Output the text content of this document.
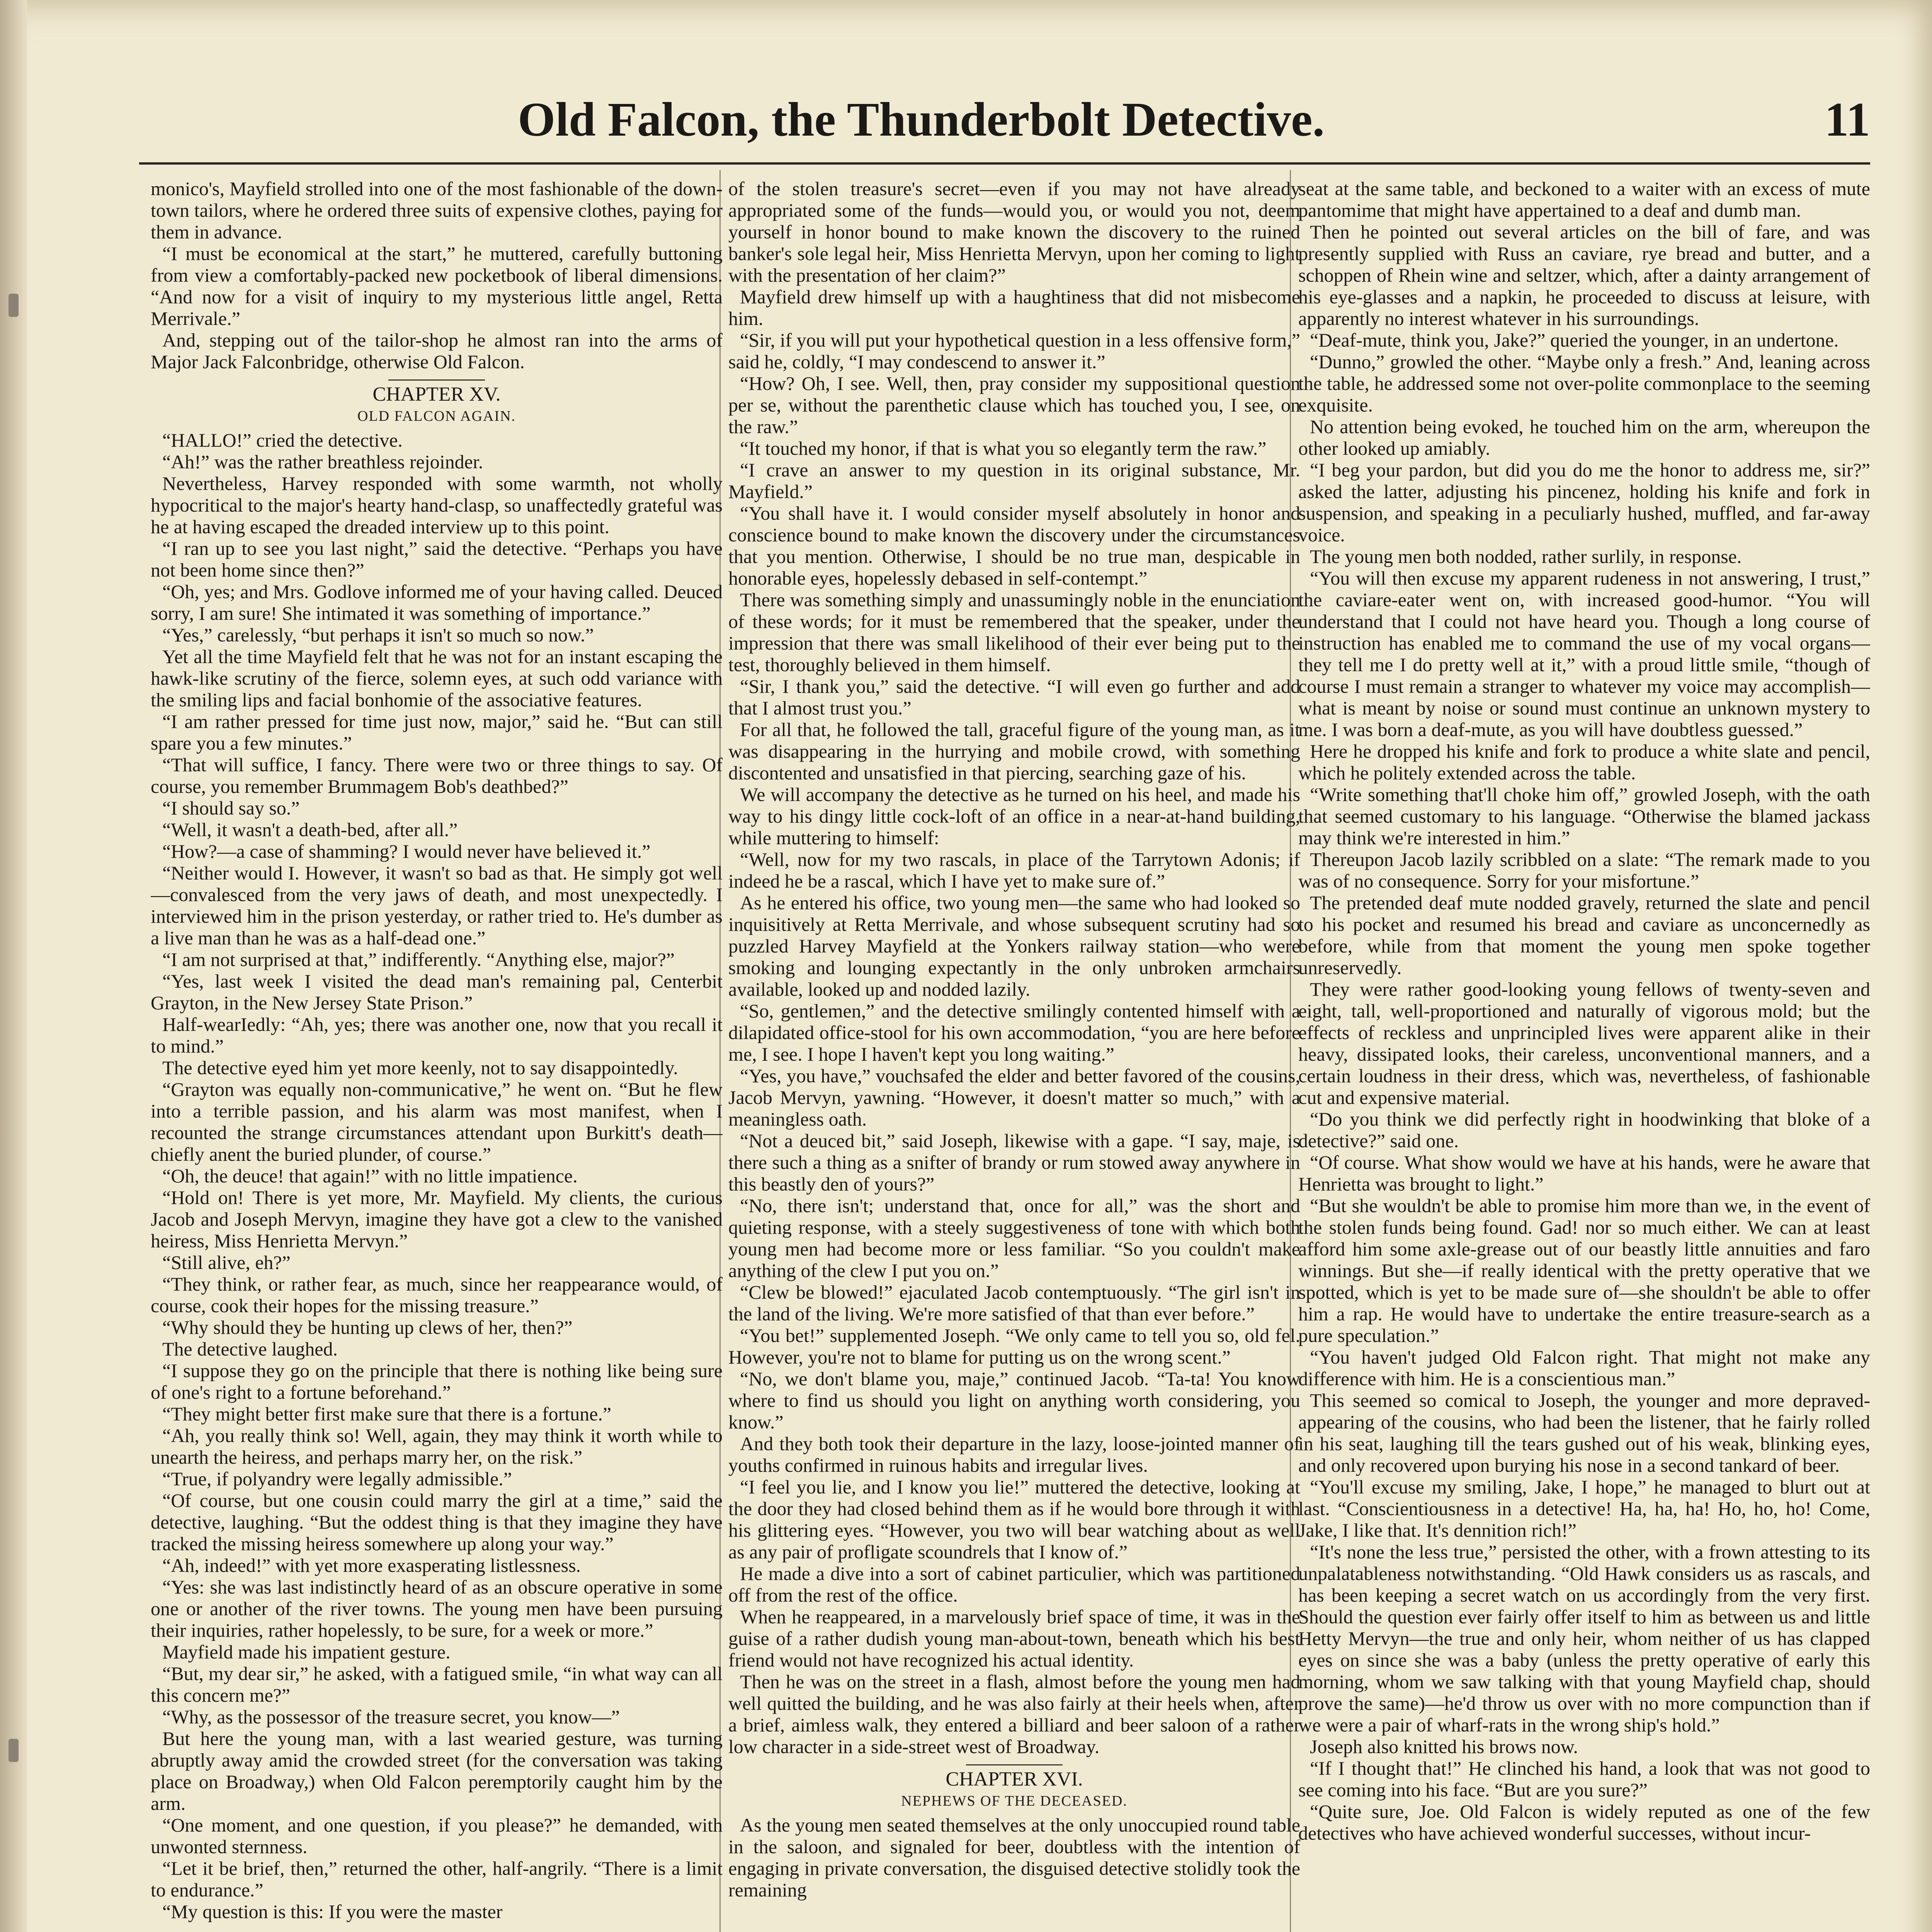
Old Falcon, the Thunderbolt Detective.	11

monico's, Mayfield strolled into one of the most fashionable of the down-town tailors, where he ordered three suits of expensive clothes, paying for them in advance.

“I must be economical at the start,” he muttered, carefully buttoning from view a comfortably-packed new pocketbook of liberal dimensions. “And now for a visit of inquiry to my mysterious little angel, Retta Merrivale.”

And, stepping out of the tailor-shop he almost ran into the arms of Major Jack Falconbridge, otherwise Old Falcon.

CHAPTER XV.
OLD FALCON AGAIN.

“HALLO!” cried the detective.

“Ah!” was the rather breathless rejoinder.

Nevertheless, Harvey responded with some warmth, not wholly hypocritical to the major's hearty hand-clasp, so unaffectedly grateful was he at having escaped the dreaded interview up to this point.

“I ran up to see you last night,” said the detective. “Perhaps you have not been home since then?”

“Oh, yes; and Mrs. Godlove informed me of your having called. Deuced sorry, I am sure! She intimated it was something of importance.”

“Yes,” carelessly, “but perhaps it isn't so much so now.”

Yet all the time Mayfield felt that he was not for an instant escaping the hawk-like scrutiny of the fierce, solemn eyes, at such odd variance with the smiling lips and facial bonhomie of the associative features.

“I am rather pressed for time just now, major,” said he. “But can still spare you a few minutes.”

“That will suffice, I fancy. There were two or three things to say. Of course, you remember Brummagem Bob's deathbed?”

“I should say so.”

“Well, it wasn't a death-bed, after all.”

“How?—a case of shamming? I would never have believed it.”

“Neither would I. However, it wasn't so bad as that. He simply got well—convalesced from the very jaws of death, and most unexpectedly. I interviewed him in the prison yesterday, or rather tried to. He's dumber as a live man than he was as a half-dead one.”

“I am not surprised at that,” indifferently. “Anything else, major?”

“Yes, last week I visited the dead man's remaining pal, Centerbit Grayton, in the New Jersey State Prison.”

Half-wearIedly: “Ah, yes; there was another one, now that you recall it to mind.”

The detective eyed him yet more keenly, not to say disappointedly.

“Grayton was equally non-communicative,” he went on. “But he flew into a terrible passion, and his alarm was most manifest, when I recounted the strange circumstances attendant upon Burkitt's death—chiefly anent the buried plunder, of course.”

“Oh, the deuce! that again!” with no little impatience.

“Hold on! There is yet more, Mr. Mayfield. My clients, the curious Jacob and Joseph Mervyn, imagine they have got a clew to the vanished heiress, Miss Henrietta Mervyn.”

“Still alive, eh?”

“They think, or rather fear, as much, since her reappearance would, of course, cook their hopes for the missing treasure.”

“Why should they be hunting up clews of her, then?”

The detective laughed.

“I suppose they go on the principle that there is nothing like being sure of one's right to a fortune beforehand.”

“They might better first make sure that there is a fortune.”

“Ah, you really think so! Well, again, they may think it worth while to unearth the heiress, and perhaps marry her, on the risk.”

“True, if polyandry were legally admissible.”

“Of course, but one cousin could marry the girl at a time,” said the detective, laughing. “But the oddest thing is that they imagine they have tracked the missing heiress somewhere up along your way.”

“Ah, indeed!” with yet more exasperating listlessness.

“Yes: she was last indistinctly heard of as an obscure operative in some one or another of the river towns. The young men have been pursuing their inquiries, rather hopelessly, to be sure, for a week or more.”

Mayfield made his impatient gesture.

“But, my dear sir,” he asked, with a fatigued smile, “in what way can all this concern me?”

“Why, as the possessor of the treasure secret, you know—”

But here the young man, with a last wearied gesture, was turning abruptly away amid the crowded street (for the conversation was taking place on Broadway,) when Old Falcon peremptorily caught him by the arm.

“One moment, and one question, if you please?” he demanded, with unwonted sternness.

“Let it be brief, then,” returned the other, half-angrily. “There is a limit to endurance.”

“My question is this: If you were the master

of the stolen treasure's secret—even if you may not have already appropriated some of the funds—would you, or would you not, deem yourself in honor bound to make known the discovery to the ruined banker's sole legal heir, Miss Henrietta Mervyn, upon her coming to light with the presentation of her claim?”

Mayfield drew himself up with a haughtiness that did not misbecome him.

“Sir, if you will put your hypothetical question in a less offensive form,” said he, coldly, “I may condescend to answer it.”

“How? Oh, I see. Well, then, pray consider my suppositional question per se, without the parenthetic clause which has touched you, I see, on the raw.”

“It touched my honor, if that is what you so elegantly term the raw.”

“I crave an answer to my question in its original substance, Mr. Mayfield.”

“You shall have it. I would consider myself absolutely in honor and conscience bound to make known the discovery under the circumstances that you mention. Otherwise, I should be no true man, despicable in honorable eyes, hopelessly debased in self-contempt.”

There was something simply and unassumingly noble in the enunciation of these words; for it must be remembered that the speaker, under the impression that there was small likelihood of their ever being put to the test, thoroughly believed in them himself.

“Sir, I thank you,” said the detective. “I will even go further and add that I almost trust you.”

For all that, he followed the tall, graceful figure of the young man, as it was disappearing in the hurrying and mobile crowd, with something discontented and unsatisfied in that piercing, searching gaze of his.

We will accompany the detective as he turned on his heel, and made his way to his dingy little cock-loft of an office in a near-at-hand building, while muttering to himself:

“Well, now for my two rascals, in place of the Tarrytown Adonis; if indeed he be a rascal, which I have yet to make sure of.”

As he entered his office, two young men—the same who had looked so inquisitively at Retta Merrivale, and whose subsequent scrutiny had so puzzled Harvey Mayfield at the Yonkers railway station—who were smoking and lounging expectantly in the only unbroken armchairs available, looked up and nodded lazily.

“So, gentlemen,” and the detective smilingly contented himself with a dilapidated office-stool for his own accommodation, “you are here before me, I see. I hope I haven't kept you long waiting.”

“Yes, you have,” vouchsafed the elder and better favored of the cousins, Jacob Mervyn, yawning. “However, it doesn't matter so much,” with a meaningless oath.

“Not a deuced bit,” said Joseph, likewise with a gape. “I say, maje, is there such a thing as a snifter of brandy or rum stowed away anywhere in this beastly den of yours?”

“No, there isn't; understand that, once for all,” was the short and quieting response, with a steely suggestiveness of tone with which both young men had become more or less familiar. “So you couldn't make anything of the clew I put you on.”

“Clew be blowed!” ejaculated Jacob contemptuously. “The girl isn't in the land of the living. We're more satisfied of that than ever before.”

“You bet!” supplemented Joseph. “We only came to tell you so, old fel. However, you're not to blame for putting us on the wrong scent.”

“No, we don't blame you, maje,” continued Jacob. “Ta-ta! You know where to find us should you light on anything worth considering, you know.”

And they both took their departure in the lazy, loose-jointed manner of youths confirmed in ruinous habits and irregular lives.

“I feel you lie, and I know you lie!” muttered the detective, looking at the door they had closed behind them as if he would bore through it with his glittering eyes. “However, you two will bear watching about as well as any pair of profligate scoundrels that I know of.”

He made a dive into a sort of cabinet particulier, which was partitioned off from the rest of the office.

When he reappeared, in a marvelously brief space of time, it was in the guise of a rather dudish young man-about-town, beneath which his best friend would not have recognized his actual identity.

Then he was on the street in a flash, almost before the young men had well quitted the building, and he was also fairly at their heels when, after a brief, aimless walk, they entered a billiard and beer saloon of a rather low character in a side-street west of Broadway.

CHAPTER XVI.
NEPHEWS OF THE DECEASED.

As the young men seated themselves at the only unoccupied round table in the saloon, and signaled for beer, doubtless with the intention of engaging in private conversation, the disguised detective stolidly took the remaining

seat at the same table, and beckoned to a waiter with an excess of mute pantomime that might have appertained to a deaf and dumb man.

Then he pointed out several articles on the bill of fare, and was presently supplied with Russ an caviare, rye bread and butter, and a schoppen of Rhein wine and seltzer, which, after a dainty arrangement of his eye-glasses and a napkin, he proceeded to discuss at leisure, with apparently no interest whatever in his surroundings.

“Deaf-mute, think you, Jake?” queried the younger, in an undertone.

“Dunno,” growled the other. “Maybe only a fresh.” And, leaning across the table, he addressed some not over-polite commonplace to the seeming exquisite.

No attention being evoked, he touched him on the arm, whereupon the other looked up amiably.

“I beg your pardon, but did you do me the honor to address me, sir?” asked the latter, adjusting his pincenez, holding his knife and fork in suspension, and speaking in a peculiarly hushed, muffled, and far-away voice.

The young men both nodded, rather surlily, in response.

“You will then excuse my apparent rudeness in not answering, I trust,” the caviare-eater went on, with increased good-humor. “You will understand that I could not have heard you. Though a long course of instruction has enabled me to command the use of my vocal organs—they tell me I do pretty well at it,” with a proud little smile, “though of course I must remain a stranger to whatever my voice may accomplish—what is meant by noise or sound must continue an unknown mystery to me. I was born a deaf-mute, as you will have doubtless guessed.”

Here he dropped his knife and fork to produce a white slate and pencil, which he politely extended across the table.

“Write something that'll choke him off,” growled Joseph, with the oath that seemed customary to his language. “Otherwise the blamed jackass may think we're interested in him.”

Thereupon Jacob lazily scribbled on a slate: “The remark made to you was of no consequence. Sorry for your misfortune.”

The pretended deaf mute nodded gravely, returned the slate and pencil to his pocket and resumed his bread and caviare as unconcernedly as before, while from that moment the young men spoke together unreservedly.

They were rather good-looking young fellows of twenty-seven and eight, tall, well-proportioned and naturally of vigorous mold; but the effects of reckless and unprincipled lives were apparent alike in their heavy, dissipated looks, their careless, unconventional manners, and a certain loudness in their dress, which was, nevertheless, of fashionable cut and expensive material.

“Do you think we did perfectly right in hoodwinking that bloke of a detective?” said one.

“Of course. What show would we have at his hands, were he aware that Henrietta was brought to light.”

“But she wouldn't be able to promise him more than we, in the event of the stolen funds being found. Gad! nor so much either. We can at least afford him some axle-grease out of our beastly little annuities and faro winnings. But she—if really identical with the pretty operative that we spotted, which is yet to be made sure of—she shouldn't be able to offer him a rap. He would have to undertake the entire treasure-search as a pure speculation.”

“You haven't judged Old Falcon right. That might not make any difference with him. He is a conscientious man.”

This seemed so comical to Joseph, the younger and more depraved-appearing of the cousins, who had been the listener, that he fairly rolled in his seat, laughing till the tears gushed out of his weak, blinking eyes, and only recovered upon burying his nose in a second tankard of beer.

“You'll excuse my smiling, Jake, I hope,” he managed to blurt out at last. “Conscientiousness in a detective! Ha, ha, ha! Ho, ho, ho! Come, Jake, I like that. It's dennition rich!”

“It's none the less true,” persisted the other, with a frown attesting to its unpalatableness notwithstanding. “Old Hawk considers us as rascals, and has been keeping a secret watch on us accordingly from the very first. Should the question ever fairly offer itself to him as between us and little Hetty Mervyn—the true and only heir, whom neither of us has clapped eyes on since she was a baby (unless the pretty operative of early this morning, whom we saw talking with that young Mayfield chap, should prove the same)—he'd throw us over with no more compunction than if we were a pair of wharf-rats in the wrong ship's hold.”

Joseph also knitted his brows now.

“If I thought that!” He clinched his hand, a look that was not good to see coming into his face. “But are you sure?”

“Quite sure, Joe. Old Falcon is widely reputed as one of the few detectives who have achieved wonderful successes, without incur-
